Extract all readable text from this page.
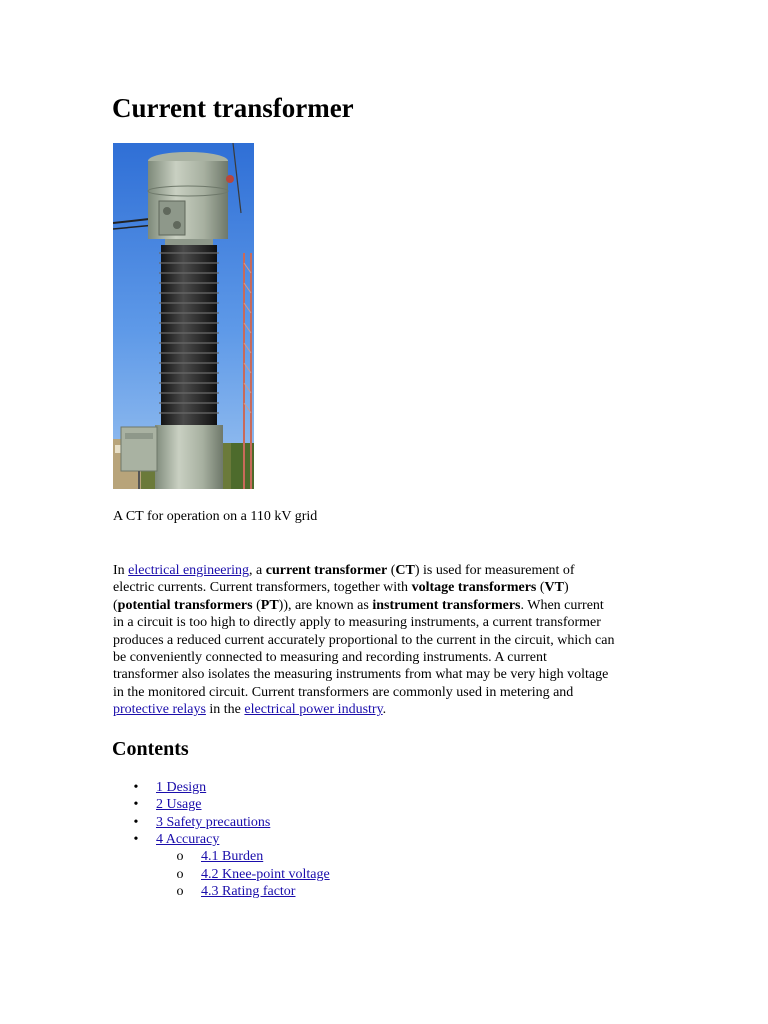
Current transformer

A CT for operation on a 110 kV grid

In electrical engineering, a current transformer (CT) is used for measurement of
electric currents. Current transformers, together with voltage transformers (VT)
(potential transformers (PT)), are known as instrument transformers. When current
in a circuit is too high to directly apply to measuring instruments, a current transformer
produces a reduced current accurately proportional to the current in the circuit, which can
be conveniently connected to measuring and recording instruments. A current
transformer also isolates the measuring instruments from what may be very high voltage
in the monitored circuit. Current transformers are commonly used in metering and
protective relays in the electrical power industry.
Contents
•	1 Design
•	2 Usage
•	3 Safety precautions
•	4 Accuracy
o	4.1 Burden
o	4.2 Knee-point voltage
o	4.3 Rating factor
